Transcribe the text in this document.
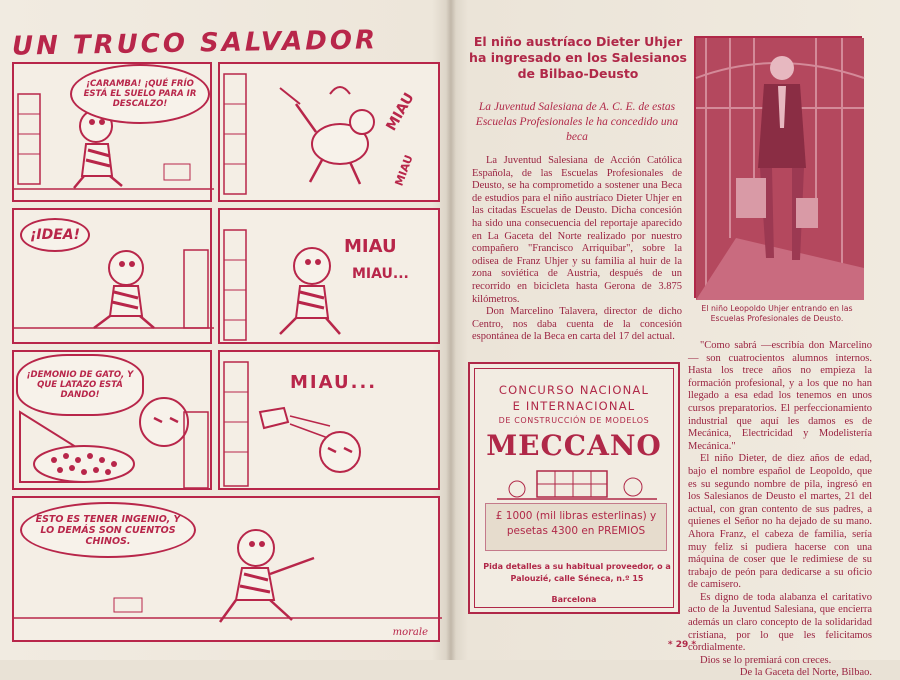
UN TRUCO SALVADOR
¡CARAMBA! ¡QUÉ FRÍO ESTÁ EL SUELO PARA IR DESCALZO!	MIAU
MIAU
¡IDEA!
MIAU
MIAU...
¡DEMONIO DE GATO, Y QUE LATAZO ESTÁ DANDO!
MIAU...
ESTO ES TENER INGENIO, Y LO DEMÁS SON CUENTOS CHINOS.
morale
El niño austríaco Dieter Uhjer ha ingresado en los Salesianos de Bilbao-Deusto
La Juventud Salesiana de A. C. E. de estas Escuelas Profesionales le ha concedido una beca

La Juventud Salesiana de Acción Católica Española, de las Escuelas Profesionales de Deusto, se ha comprometido a sostener una Beca de estudios para el niño austríaco Dieter Uhjer en las citadas Escuelas de Deusto. Dicha concesión ha sido una consecuencia del reportaje aparecido en La Gaceta del Norte realizado por nuestro compañero "Francisco Arriquibar", sobre la odisea de Franz Uhjer y su familia al huir de la zona soviética de Austria, después de un recorrido en bicicleta hasta Gerona de 3.875 kilómetros.

Don Marcelino Talavera, director de dicho Centro, nos daba cuenta de la concesión espontánea de la Beca en carta del 17 del actual.

El niño Leopoldo Uhjer entrando en las Escuelas Profesionales de Deusto.

"Como sabrá —escribía don Marcelino— son cuatrocientos alumnos internos. Hasta los trece años no empieza la formación profesional, y a los que no han llegado a esa edad los tenemos en unos cursos preparatorios. El perfeccionamiento industrial que aquí les damos es de Mecánica, Electricidad y Modelistería Mecánica."

El niño Dieter, de diez años de edad, bajo el nombre español de Leopoldo, que es su segundo nombre de pila, ingresó en los Salesianos de Deusto el martes, 21 del actual, con gran contento de sus padres, a quienes el Señor no ha dejado de su mano. Ahora Franz, el cabeza de familia, sería muy feliz si pudiera hacerse con una máquina de coser que le redimiese de su trabajo de peón para dedicarse a su oficio de camisero.

Es digno de toda alabanza el caritativo acto de la Juventud Salesiana, que encierra además un claro concepto de la solidaridad cristiana, por lo que les felicitamos cordialmente.

Dios se lo premiará con creces.

De la Gaceta del Norte, Bilbao.

CONCURSO NACIONAL
E INTERNACIONAL
DE CONSTRUCCIÓN DE MODELOS
MECCANO
£ 1000 (mil libras esterlinas) y
pesetas 4300 en PREMIOS
Pida detalles a su habitual proveedor, o a Palouzié, calle Séneca, n.º 15
Barcelona
* 29 *
